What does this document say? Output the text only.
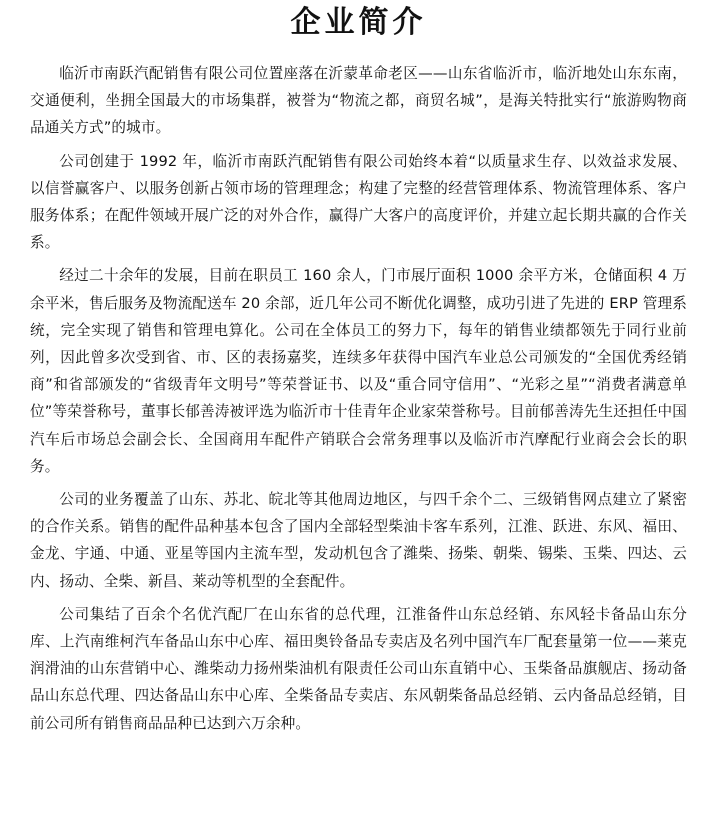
企业简介

临沂市南跃汽配销售有限公司位置座落在沂蒙革命老区——山东省临沂市，临沂地处山东东南，交通便利，坐拥全国最大的市场集群，被誉为“物流之都，商贸名城”，是海关特批实行“旅游购物商品通关方式”的城市。

公司创建于 1992 年，临沂市南跃汽配销售有限公司始终本着“以质量求生存、以效益求发展、以信誉赢客户、以服务创新占领市场的管理理念；构建了完整的经营管理体系、物流管理体系、客户服务体系；在配件领域开展广泛的对外合作，赢得广大客户的高度评价，并建立起长期共赢的合作关系。

经过二十余年的发展，目前在职员工 160 余人，门市展厅面积 1000 余平方米，仓储面积 4 万余平米，售后服务及物流配送车 20 余部，近几年公司不断优化调整，成功引进了先进的 ERP 管理系统，完全实现了销售和管理电算化。公司在全体员工的努力下，每年的销售业绩都领先于同行业前列，因此曾多次受到省、市、区的表扬嘉奖，连续多年获得中国汽车业总公司颁发的“全国优秀经销商”和省部颁发的“省级青年文明号”等荣誉证书、以及“重合同守信用”、“光彩之星”“消费者满意单位”等荣誉称号，董事长郁善涛被评选为临沂市十佳青年企业家荣誉称号。目前郁善涛先生还担任中国汽车后市场总会副会长、全国商用车配件产销联合会常务理事以及临沂市汽摩配行业商会会长的职务。

公司的业务覆盖了山东、苏北、皖北等其他周边地区，与四千余个二、三级销售网点建立了紧密的合作关系。销售的配件品种基本包含了国内全部轻型柴油卡客车系列，江淮、跃进、东风、福田、金龙、宇通、中通、亚星等国内主流车型，发动机包含了潍柴、扬柴、朝柴、锡柴、玉柴、四达、云内、扬动、全柴、新昌、莱动等机型的全套配件。

公司集结了百余个名优汽配厂在山东省的总代理，江淮备件山东总经销、东风轻卡备品山东分库、上汽南维柯汽车备品山东中心库、福田奥铃备品专卖店及名列中国汽车厂配套量第一位——莱克润滑油的山东营销中心、潍柴动力扬州柴油机有限责任公司山东直销中心、玉柴备品旗舰店、扬动备品山东总代理、四达备品山东中心库、全柴备品专卖店、东风朝柴备品总经销、云内备品总经销，目前公司所有销售商品品种已达到六万余种。
